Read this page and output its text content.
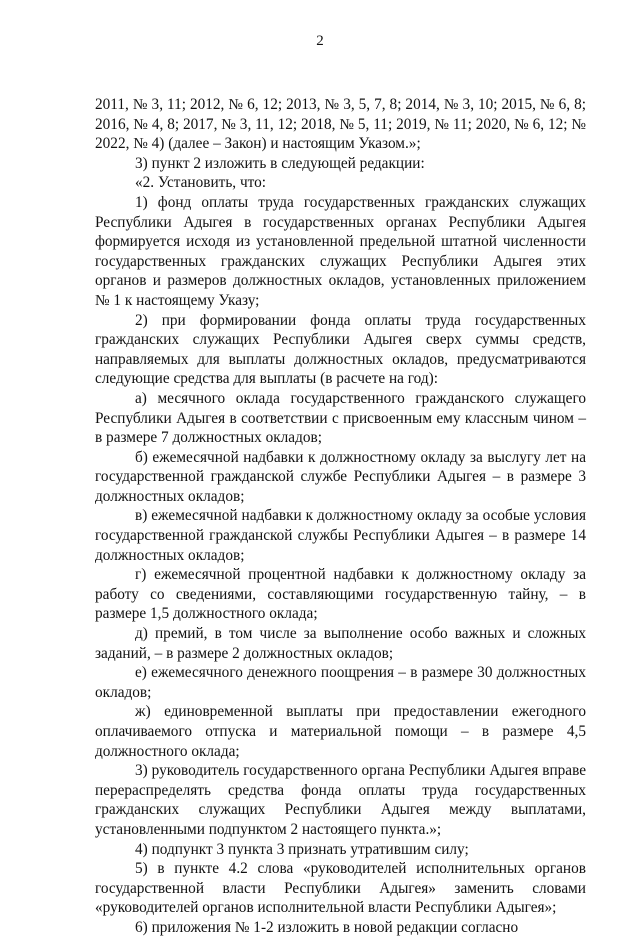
2

2011, № 3, 11; 2012, № 6, 12; 2013, № 3, 5, 7, 8; 2014, № 3, 10; 2015, № 6, 8; 2016, № 4, 8; 2017, № 3, 11, 12; 2018, № 5, 11; 2019, № 11; 2020, № 6, 12; № 2022, № 4) (далее – Закон) и настоящим Указом.»;

3) пункт 2 изложить в следующей редакции:

«2. Установить, что:

1) фонд оплаты труда государственных гражданских служащих Республики Адыгея в государственных органах Республики Адыгея формируется исходя из установленной предельной штатной численности государственных гражданских служащих Республики Адыгея этих органов и размеров должностных окладов, установленных приложением № 1 к настоящему Указу;

2) при формировании фонда оплаты труда государственных гражданских служащих Республики Адыгея сверх суммы средств, направляемых для выплаты должностных окладов, предусматриваются следующие средства для выплаты (в расчете на год):

а) месячного оклада государственного гражданского служащего Республики Адыгея в соответствии с присвоенным ему классным чином – в размере 7 должностных окладов;

б) ежемесячной надбавки к должностному окладу за выслугу лет на государственной гражданской службе Республики Адыгея – в размере 3 должностных окладов;

в) ежемесячной надбавки к должностному окладу за особые условия государственной гражданской службы Республики Адыгея – в размере 14 должностных окладов;

г) ежемесячной процентной надбавки к должностному окладу за работу со сведениями, составляющими государственную тайну, – в размере 1,5 должностного оклада;

д) премий, в том числе за выполнение особо важных и сложных заданий, – в размере 2 должностных окладов;

е) ежемесячного денежного поощрения – в размере 30 должностных окладов;

ж) единовременной выплаты при предоставлении ежегодного оплачиваемого отпуска и материальной помощи – в размере 4,5 должностного оклада;

3) руководитель государственного органа Республики Адыгея вправе перераспределять средства фонда оплаты труда государственных гражданских служащих Республики Адыгея между выплатами, установленными подпунктом 2 настоящего пункта.»;

4) подпункт 3 пункта 3 признать утратившим силу;

5) в пункте 4.2 слова «руководителей исполнительных органов государственной власти Республики Адыгея» заменить словами «руководителей органов исполнительной власти Республики Адыгея»;

6) приложения № 1-2 изложить в новой редакции согласно
